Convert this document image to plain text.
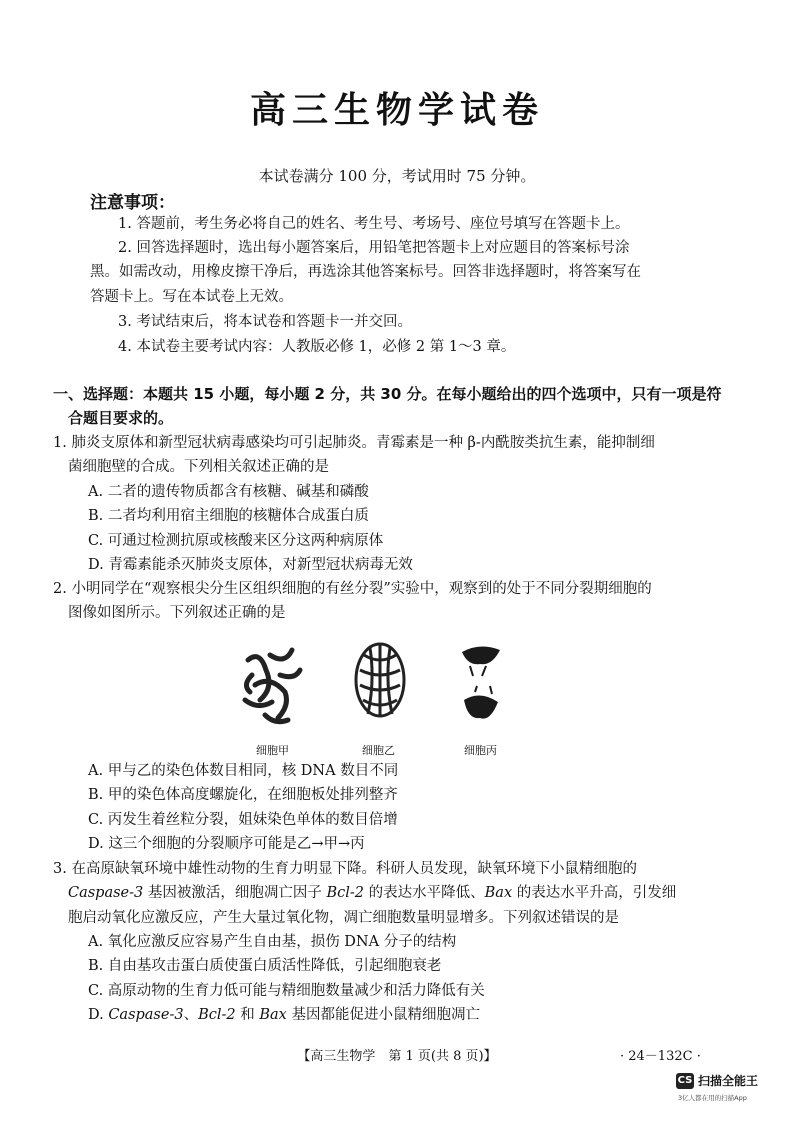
高三生物学试卷
本试卷满分 100 分，考试用时 75 分钟。
注意事项：
1. 答题前，考生务必将自己的姓名、考生号、考场号、座位号填写在答题卡上。
2. 回答选择题时，选出每小题答案后，用铅笔把答题卡上对应题目的答案标号涂
黑。如需改动，用橡皮擦干净后，再选涂其他答案标号。回答非选择题时，将答案写在
答题卡上。写在本试卷上无效。
3. 考试结束后，将本试卷和答题卡一并交回。
4. 本试卷主要考试内容：人教版必修 1，必修 2 第 1～3 章。
一、选择题：本题共 15 小题，每小题 2 分，共 30 分。在每小题给出的四个选项中，只有一项是符
合题目要求的。
1. 肺炎支原体和新型冠状病毒感染均可引起肺炎。青霉素是一种 β-内酰胺类抗生素，能抑制细
菌细胞壁的合成。下列相关叙述正确的是
A. 二者的遗传物质都含有核糖、碱基和磷酸
B. 二者均利用宿主细胞的核糖体合成蛋白质
C. 可通过检测抗原或核酸来区分这两种病原体
D. 青霉素能杀灭肺炎支原体，对新型冠状病毒无效
2. 小明同学在“观察根尖分生区组织细胞的有丝分裂”实验中，观察到的处于不同分裂期细胞的
图像如图所示。下列叙述正确的是
细胞甲	细胞乙	细胞丙
A. 甲与乙的染色体数目相同，核 DNA 数目不同
B. 甲的染色体高度螺旋化，在细胞板处排列整齐
C. 丙发生着丝粒分裂，姐妹染色单体的数目倍增
D. 这三个细胞的分裂顺序可能是乙→甲→丙
3. 在高原缺氧环境中雄性动物的生育力明显下降。科研人员发现，缺氧环境下小鼠精细胞的
Caspase-3 基因被激活，细胞凋亡因子 Bcl-2 的表达水平降低、Bax 的表达水平升高，引发细
胞启动氧化应激反应，产生大量过氧化物，凋亡细胞数量明显增多。下列叙述错误的是
A. 氧化应激反应容易产生自由基，损伤 DNA 分子的结构
B. 自由基攻击蛋白质使蛋白质活性降低，引起细胞衰老
C. 高原动物的生育力低可能与精细胞数量减少和活力降低有关
D. Caspase-3、Bcl-2 和 Bax 基因都能促进小鼠精细胞凋亡
【高三生物学　第 1 页(共 8 页)】	· 24－132C ·
CS 扫描全能王
3亿人都在用的扫描App
